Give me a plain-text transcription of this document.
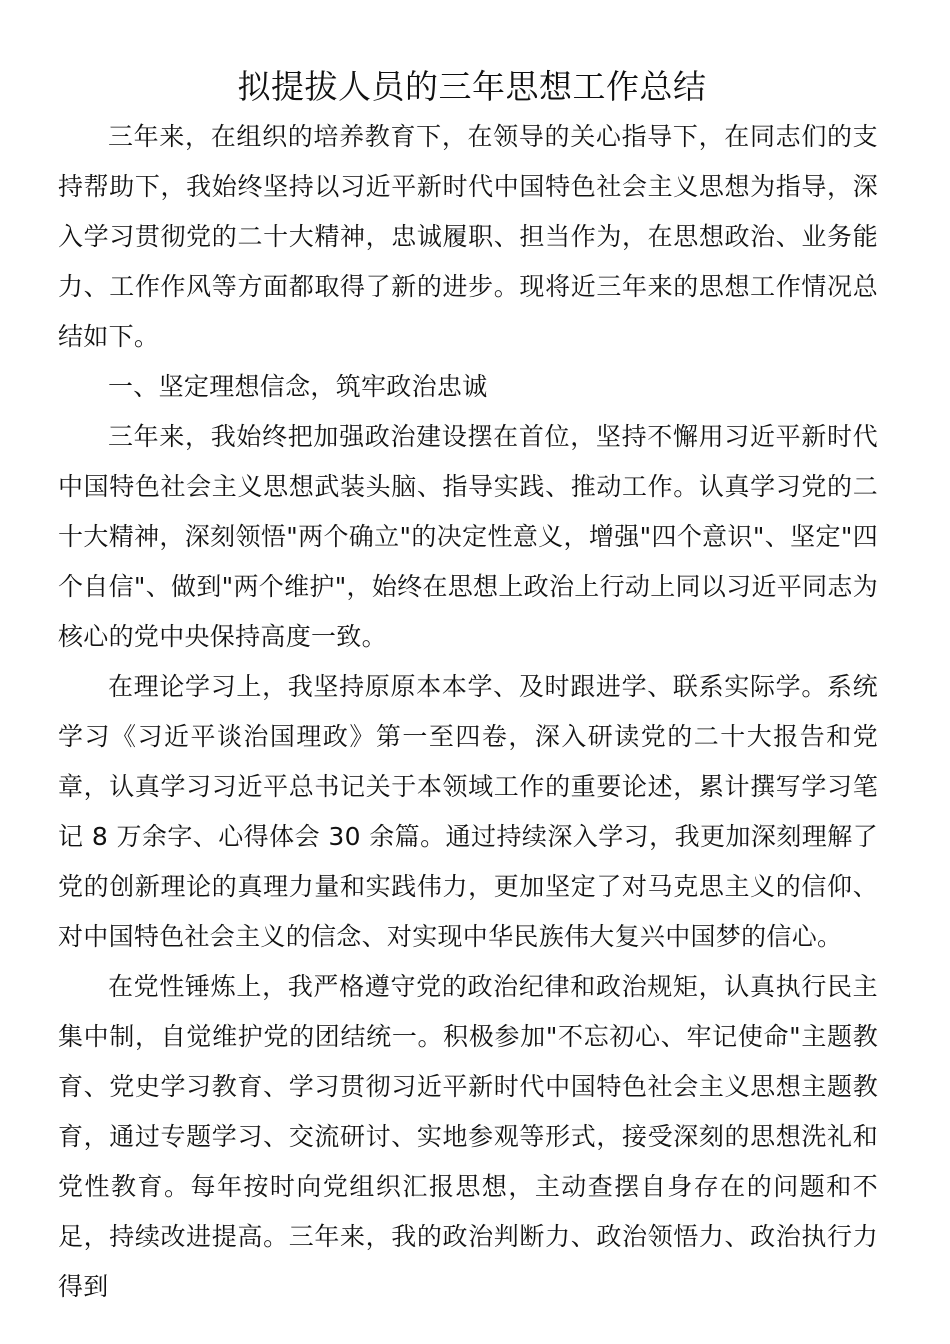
拟提拔人员的三年思想工作总结

三年来，在组织的培养教育下，在领导的关心指导下，在同志们的支持帮助下，我始终坚持以习近平新时代中国特色社会主义思想为指导，深入学习贯彻党的二十大精神，忠诚履职、担当作为，在思想政治、业务能力、工作作风等方面都取得了新的进步。现将近三年来的思想工作情况总结如下。

一、坚定理想信念，筑牢政治忠诚

三年来，我始终把加强政治建设摆在首位，坚持不懈用习近平新时代中国特色社会主义思想武装头脑、指导实践、推动工作。认真学习党的二十大精神，深刻领悟"两个确立"的决定性意义，增强"四个意识"、坚定"四个自信"、做到"两个维护"，始终在思想上政治上行动上同以习近平同志为核心的党中央保持高度一致。

在理论学习上，我坚持原原本本学、及时跟进学、联系实际学。系统学习《习近平谈治国理政》第一至四卷，深入研读党的二十大报告和党章，认真学习习近平总书记关于本领域工作的重要论述，累计撰写学习笔记 8 万余字、心得体会 30 余篇。通过持续深入学习，我更加深刻理解了党的创新理论的真理力量和实践伟力，更加坚定了对马克思主义的信仰、对中国特色社会主义的信念、对实现中华民族伟大复兴中国梦的信心。

在党性锤炼上，我严格遵守党的政治纪律和政治规矩，认真执行民主集中制，自觉维护党的团结统一。积极参加"不忘初心、牢记使命"主题教育、党史学习教育、学习贯彻习近平新时代中国特色社会主义思想主题教育，通过专题学习、交流研讨、实地参观等形式，接受深刻的思想洗礼和党性教育。每年按时向党组织汇报思想，主动查摆自身存在的问题和不足，持续改进提高。三年来，我的政治判断力、政治领悟力、政治执行力得到
